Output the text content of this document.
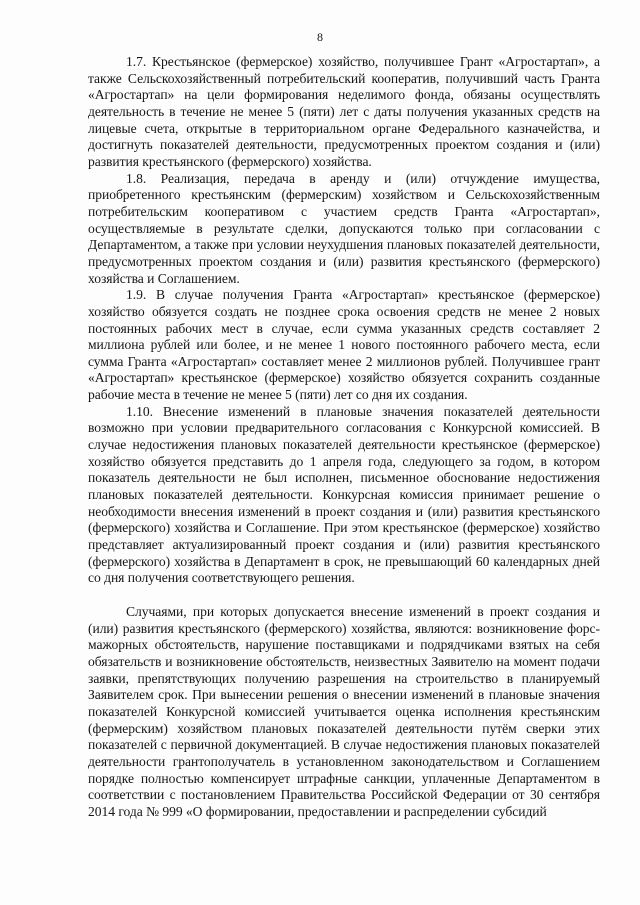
8

1.7. Крестьянское (фермерское) хозяйство, получившее Грант «Агростартап», а также Сельскохозяйственный потребительский кооператив, получивший часть Гранта «Агростартап» на цели формирования неделимого фонда, обязаны осуществлять деятельность в течение не менее 5 (пяти) лет с даты получения указанных средств на лицевые счета, открытые в территориальном органе Федерального казначейства, и достигнуть показателей деятельности, предусмотренных проектом создания и (или) развития крестьянского (фермерского) хозяйства.

1.8. Реализация, передача в аренду и (или) отчуждение имущества, приобретенного крестьянским (фермерским) хозяйством и Сельскохозяйственным потребительским кооперативом с участием средств Гранта «Агростартап», осуществляемые в результате сделки, допускаются только при согласовании с Департаментом, а также при условии неухудшения плановых показателей деятельности, предусмотренных проектом создания и (или) развития крестьянского (фермерского) хозяйства и Соглашением.

1.9. В случае получения Гранта «Агростартап» крестьянское (фермерское) хозяйство обязуется создать не позднее срока освоения средств не менее 2 новых постоянных рабочих мест в случае, если сумма указанных средств составляет 2 миллиона рублей или более, и не менее 1 нового постоянного рабочего места, если сумма Гранта «Агростартап» составляет менее 2 миллионов рублей. Получившее грант «Агростартап» крестьянское (фермерское) хозяйство обязуется сохранить созданные рабочие места в течение не менее 5 (пяти) лет со дня их создания.

1.10. Внесение изменений в плановые значения показателей деятельности возможно при условии предварительного согласования с Конкурсной комиссией. В случае недостижения плановых показателей деятельности крестьянское (фермерское) хозяйство обязуется представить до 1 апреля года, следующего за годом, в котором показатель деятельности не был исполнен, письменное обоснование недостижения плановых показателей деятельности. Конкурсная комиссия принимает решение о необходимости внесения изменений в проект создания и (или) развития крестьянского (фермерского) хозяйства и Соглашение. При этом крестьянское (фермерское) хозяйство представляет актуализированный проект создания и (или) развития крестьянского (фермерского) хозяйства в Департамент в срок, не превышающий 60 календарных дней со дня получения соответствующего решения.

Случаями, при которых допускается внесение изменений в проект создания и (или) развития крестьянского (фермерского) хозяйства, являются: возникновение форс-мажорных обстоятельств, нарушение поставщиками и подрядчиками взятых на себя обязательств и возникновение обстоятельств, неизвестных Заявителю на момент подачи заявки, препятствующих получению разрешения на строительство в планируемый Заявителем срок. При вынесении решения о внесении изменений в плановые значения показателей Конкурсной комиссией учитывается оценка исполнения крестьянским (фермерским) хозяйством плановых показателей деятельности путём сверки этих показателей с первичной документацией. В случае недостижения плановых показателей деятельности грантополучатель в установленном законодательством и Соглашением порядке полностью компенсирует штрафные санкции, уплаченные Департаментом в соответствии с постановлением Правительства Российской Федерации от 30 сентября 2014 года № 999 «О формировании, предоставлении и распределении субсидий
